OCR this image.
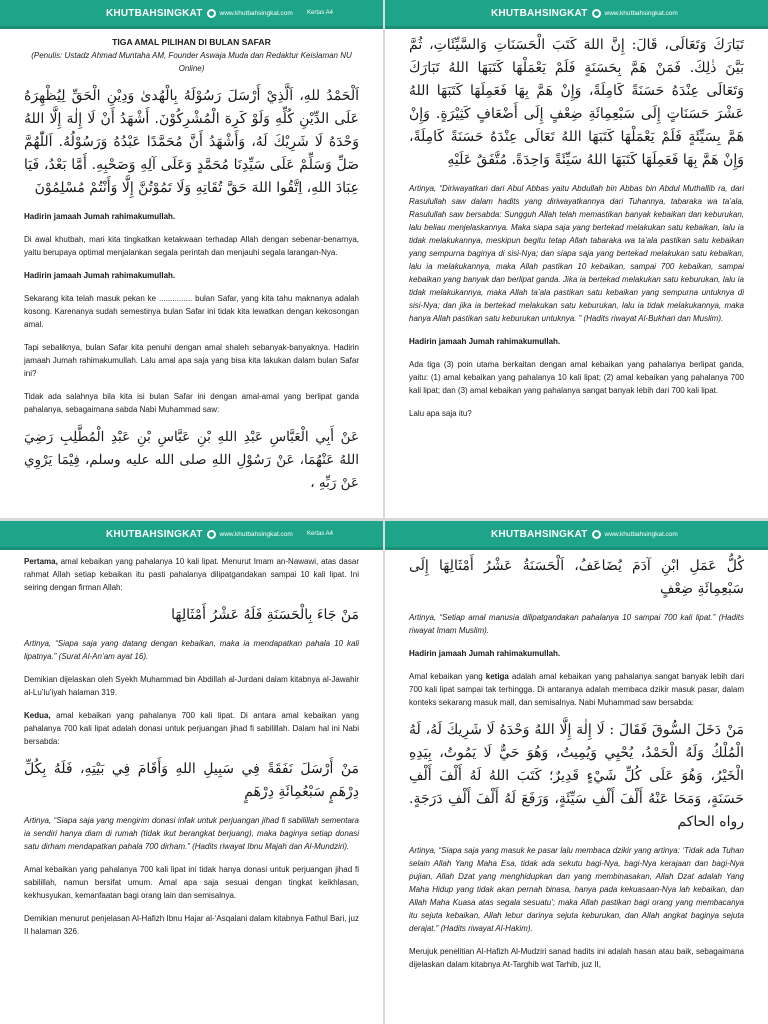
KHUTBAHSINGKAT	www.khutbahsingkat.com Kertas A4
TIGA AMAL PILIHAN DI BULAN SAFAR
(Penulis: Ustadz Ahmad Muntaha AM, Founder Aswaja Muda dan Redaktur Keislaman NU Online)
اَلْحَمْدُ للهِ، اَلَّذِيْ أَرْسَلَ رَسُوْلَهُ بِالْهُدىٰ وَدِيْنِ الْحَقِّ لِيُظْهِرَهُ عَلَى الدِّيْنِ كُلِّهِ وَلَوْ كَرِهَ الْمُشْرِكُوْنَ. أَشْهَدُ أَنْ لَا إِلٰهَ إِلَّا اللهُ وَحْدَهُ لَا شَرِيْكَ لَهُ، وَأَشْهَدُ أَنَّ مُحَمَّدًا عَبْدُهُ وَرَسُوْلُهُ. اَللّٰهُمَّ صَلِّ وَسَلِّمْ عَلَى سَيِّدِنَا مُحَمَّدٍ وَعَلَى آلِهِ وَصَحْبِهِ. أَمَّا بَعْدُ، فَيَا عِبَادَ اللهِ، اِتَّقُوا اللهَ حَقَّ تُقَاتِهِ وَلَا تَمُوْتُنَّ إِلَّا وَأَنْتُمْ مُسْلِمُوْنَ
Hadirin jamaah Jumah rahimakumullah.

Di awal khutbah, mari kita tingkatkan ketakwaan terhadap Allah dengan sebenar-benarnya, yaitu berupaya optimal menjalankan segala perintah dan menjauhi segala larangan-Nya.

Hadirin jamaah Jumah rahimakumullah.

Sekarang kita telah masuk pekan ke ............... bulan Safar, yang kita tahu maknanya adalah kosong. Karenanya sudah semestinya bulan Safar ini tidak kita lewatkan dengan kekosongan amal.

Tapi sebaliknya, bulan Safar kita penuhi dengan amal shaleh sebanyak-banyaknya. Hadirin jamaah Jumah rahimakumullah. Lalu amal apa saja yang bisa kita lakukan dalam bulan Safar ini?

Tidak ada salahnya bila kita isi bulan Safar ini dengan amal-amal yang berlipat ganda pahalanya, sebagaimana sabda Nabi Muhammad saw:

عَنْ أَبِي الْعَبَّاسِ عَبْدِ اللهِ بْنِ عَبَّاسِ بْنِ عَبْدِ الْمُطَّلِبِ رَضِيَ اللهُ عَنْهُمَا، عَنْ رَسُوْلِ اللهِ صلى الله عليه وسلم، فِيْمَا يَرْوِي عَنْ رَبِّهِ ،
KHUTBAHSINGKAT	www.khutbahsingkat.com
تَبَارَكَ وَتَعَالَى، قَالَ: إِنَّ اللهَ كَتَبَ الْحَسَنَاتِ وَالسَّيِّئَاتِ، ثُمَّ بَيَّنَ ذٰلِكَ. فَمَنْ هَمَّ بِحَسَنَةٍ فَلَمْ يَعْمَلْهَا كَتَبَهَا اللهُ تَبَارَكَ وَتَعَالَى عِنْدَهُ حَسَنَةً كَامِلَةً، وَإِنْ هَمَّ بِهَا فَعَمِلَهَا كَتَبَهَا اللهُ عَشْرَ حَسَنَاتٍ إِلَى سَبْعِمِائَةِ ضِعْفٍ إِلَى أَضْعَافٍ كَثِيْرَةٍ. وَإِنْ هَمَّ بِسَيِّئَةٍ فَلَمْ يَعْمَلْهَا كَتَبَهَا اللهُ تَعَالَى عِنْدَهُ حَسَنَةً كَامِلَةً، وَإِنْ هَمَّ بِهَا فَعَمِلَهَا كَتَبَهَا اللهُ سَيِّئَةً وَاحِدَةً. مُتَّفَقٌ عَلَيْهِ

Artinya, “Diriwayatkan dari Abul Abbas yaitu Abdullah bin Abbas bin Abdul Muthallib ra, dari Rasulullah saw dalam hadits yang diriwayatkannya dari Tuhannya, tabaraka wa ta’ala, Rasulullah saw bersabda: Sungguh Allah telah memastikan banyak kebaikan dan keburukan, lalu beliau menjelaskannya. Maka siapa saja yang bertekad melakukan satu kebaikan, lalu ia tidak melakukannya, meskipun begitu tetap Allah tabaraka wa ta’ala pastikan satu kebaikan yang sempurna baginya di sisi-Nya; dan siapa saja yang bertekad melakukan satu kebaikan, lalu ia melakukannya, maka Allah pastikan 10 kebaikan, sampai 700 kebaikan, sampai kebaikan yang banyak dan berlipat ganda. Jika ia bertekad melakukan satu keburukan, lalu ia tidak melakukannya, maka Allah ta’ala pastikan satu kebaikan yang sempurna untuknya di sisi-Nya; dan jika ia bertekad melakukan satu keburukan, lalu ia tidak melakukannya, maka hanya Allah pastikan satu keburukan untuknya. ” (Hadits riwayat Al-Bukhari dan Muslim).

Hadirin jamaah Jumah rahimakumullah.

Ada tiga (3) poin utama berkaitan dengan amal kebaikan yang pahalanya berlipat ganda, yaitu: (1) amal kebaikan yang pahalanya 10 kali lipat; (2) amal kebaikan yang pahalanya 700 kali lipat; dan (3) amal kebaikan yang pahalanya sangat banyak lebih dari 700 kali lipat.

Lalu apa saja itu?

KHUTBAHSINGKAT	www.khutbahsingkat.com Kertas A4

Pertama, amal kebaikan yang pahalanya 10 kali lipat. Menurut Imam an-Nawawi, atas dasar rahmat Allah setiap kebaikan itu pasti pahalanya dilipatgandakan sampai 10 kali lipat. Ini seiring dengan firman Allah:

مَنْ جَاءَ بِالْحَسَنَةِ فَلَهُ عَشْرُ أَمْثَالِهَا

Artinya, “Siapa saja yang datang dengan kebaikan, maka ia mendapatkan pahala 10 kali lipatnya.” (Surat Al-An’am ayat 16).

Demikian dijelaskan oleh Syekh Muhammad bin Abdillah al-Jurdani dalam kitabnya al-Jawahir al-Lu’lu’iyah halaman 319.

Kedua, amal kebaikan yang pahalanya 700 kali lipat. Di antara amal kebaikan yang pahalanya 700 kali lipat adalah donasi untuk perjuangan jihad fi sabilillah. Dalam hal ini Nabi bersabda:

مَنْ أَرْسَلَ نَفَقَةً فِي سَبِيلِ اللهِ وَأَقَامَ فِي بَيْتِهِ، فَلَهُ بِكُلِّ دِرْهَمٍ سَبْعُمِائَةِ دِرْهَمٍ

Artinya, “Siapa saja yang mengirim donasi infak untuk perjuangan jihad fi sabilillah sementara ia sendiri hanya diam di rumah (tidak ikut berangkat berjuang), maka baginya setiap donasi satu dirham mendapatkan pahala 700 dirham.” (Hadits riwayat Ibnu Majah dan Al-Mundziri).

Amal kebaikan yang pahalanya 700 kali lipat ini tidak hanya donasi untuk perjuangan jihad fi sabilillah, namun bersifat umum. Amal apa saja sesuai dengan tingkat keikhlasan, kekhusyukan, kemanfaatan bagi orang lain dan semisalnya.

Demikian menurut penjelasan Al-Hafizh Ibnu Hajar al-‘Asqalani dalam kitabnya Fathul Bari, juz II halaman 326.

KHUTBAHSINGKAT	www.khutbahsingkat.com
كُلُّ عَمَلِ ابْنِ آدَمَ يُضَاعَفُ، اَلْحَسَنَةُ عَشْرُ أَمْثَالِهَا إِلَى سَبْعِمِائَةِ ضِعْفٍ

Artinya, “Setiap amal manusia dilipatgandakan pahalanya 10 sampai 700 kali lipat.” (Hadits riwayat Imam Muslim).

Hadirin jamaah Jumah rahimakumullah.

Amal kebaikan yang ketiga adalah amal kebaikan yang pahalanya sangat banyak lebih dari 700 kali lipat sampai tak terhingga. Di antaranya adalah membaca dzikir masuk pasar, dalam konteks sekarang masuk mall, dan semisalnya. Nabi Muhammad saw bersabda:

مَنْ دَخَلَ السُّوقَ فَقَالَ : لَا إِلٰهَ إِلَّا اللهُ وَحْدَهُ لَا شَرِيكَ لَهُ، لَهُ الْمُلْكُ وَلَهُ الْحَمْدُ، يُحْيِي وَيُمِيتُ، وَهُوَ حَيٌّ لَا يَمُوتُ، بِيَدِهِ الْخَيْرُ، وَهُوَ عَلَى كُلِّ شَيْءٍ قَدِيرٌ؛ كَتَبَ اللهُ لَهُ أَلْفَ أَلْفِ حَسَنَةٍ، وَمَحَا عَنْهُ أَلْفَ أَلْفِ سَيِّئَةٍ، وَرَفَعَ لَهُ أَلْفَ أَلْفِ دَرَجَةٍ. رواه الحاكم

Artinya, “Siapa saja yang masuk ke pasar lalu membaca dzikir yang artinya: ‘Tidak ada Tuhan selain Allah Yang Maha Esa, tidak ada sekutu bagi-Nya, bagi-Nya kerajaan dan bagi-Nya pujian, Allah Dzat yang menghidupkan dan yang membinasakan, Allah Dzat adalah Yang Maha Hidup yang tidak akan pernah binasa, hanya pada kekuasaan-Nya lah kebaikan, dan Allah Maha Kuasa atas segala sesuatu’; maka Allah pastikan bagi orang yang membacanya itu sejuta kebaikan, Allah lebur darinya sejuta keburukan, dan Allah angkat baginya sejuta derajat.” (Hadits riwayat Al-Hakim).

Merujuk penelitian Al-Hafizh Al-Mudziri sanad hadits ini adalah hasan atau baik, sebagaimana dijelaskan dalam kitabnya At-Targhib wat Tarhib, juz II,
